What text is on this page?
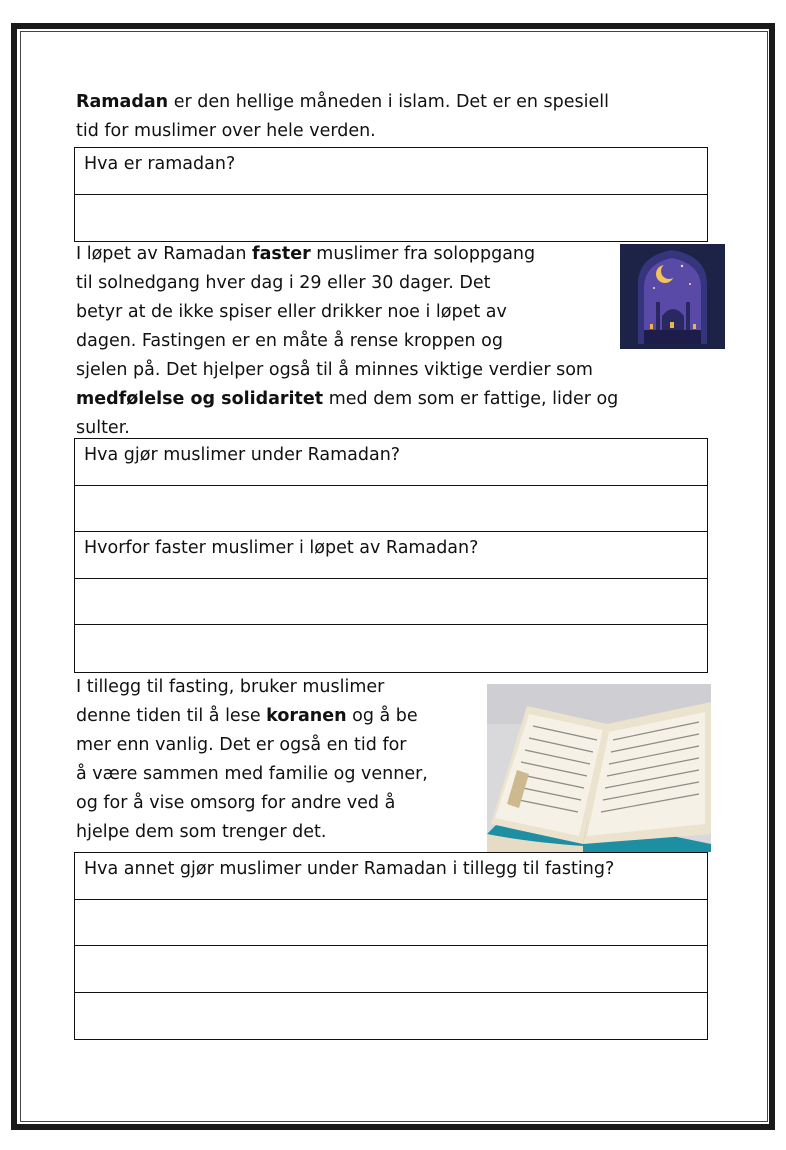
Ramadan er den hellige måneden i islam. Det er en spesiell
tid for muslimer over hele verden.
Hva er ramadan?
I løpet av Ramadan faster muslimer fra soloppgang
til solnedgang hver dag i 29 eller 30 dager. Det
betyr at de ikke spiser eller drikker noe i løpet av
dagen. Fastingen er en måte å rense kroppen og
sjelen på. Det hjelper også til å minnes viktige verdier som
medfølelse og solidaritet med dem som er fattige, lider og
sulter.
Hva gjør muslimer under Ramadan?
Hvorfor faster muslimer i løpet av Ramadan?
I tillegg til fasting, bruker muslimer
denne tiden til å lese koranen og å be
mer enn vanlig. Det er også en tid for
å være sammen med familie og venner,
og for å vise omsorg for andre ved å
hjelpe dem som trenger det.
Hva annet gjør muslimer under Ramadan i tillegg til fasting?
